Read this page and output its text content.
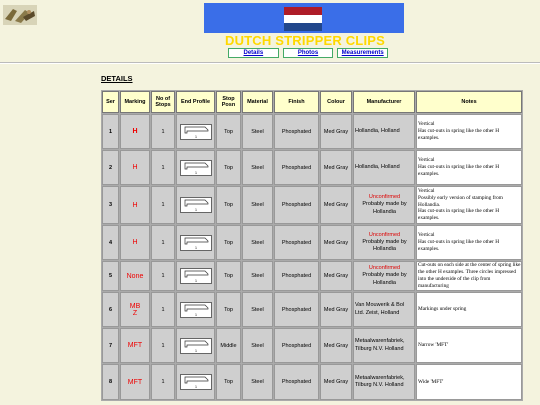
DUTCH STRIPPER CLIPS
Details	Photos	Measurements
DETAILS
Ser	Marking	No of Stops	End Profile	Stop Posn	Material	Finish	Colour	Manufacturer	Notes
1	H	1	1	Top	Steel	Phosphated	Med Gray	Hollandia, Holland	Vertical
Has cut-outs in spring like the other H examples.

2	H	1	1	Top	Steel	Phosphated	Med Gray	Hollandia, Holland	Vertical
Has cut-outs in spring like the other H examples.

3	H	1	1	Top	Steel	Phosphated	Med Gray	Unconfirmed
Probably made by
Hollandia	Vertical
Possibly early version of stamping from Hollandia.
Has cut-outs in spring like the other H examples.

4	H	1	1	Top	Steel	Phosphated	Med Gray	Unconfirmed
Probably made by
Hollandia	Vertical
Has cut-outs in spring like the other H examples.

5	None	1	1	Top	Steel	Phosphated	Med Gray	Unconfirmed
Probably made by
Hollandia	Cut-outs on each side at the center of spring like the other H examples. Three circles impressed into the underside of the clip from manufacturing

6	MB
Z	1	1	Top	Steel	Phosphated	Med Gray	Van Mouwerik & Bol
Ltd. Zeist, Holland	Markings under spring

7	MFT	1	1	Middle	Steel	Phosphated	Med Gray	Metaalwarenfabriek,
Tilburg N.V. Holland	Narrow 'MFT'

8	MFT	1	1	Top	Steel	Phosphated	Med Gray	Metaalwarenfabriek,
Tilburg N.V. Holland	Wide 'MFT'
